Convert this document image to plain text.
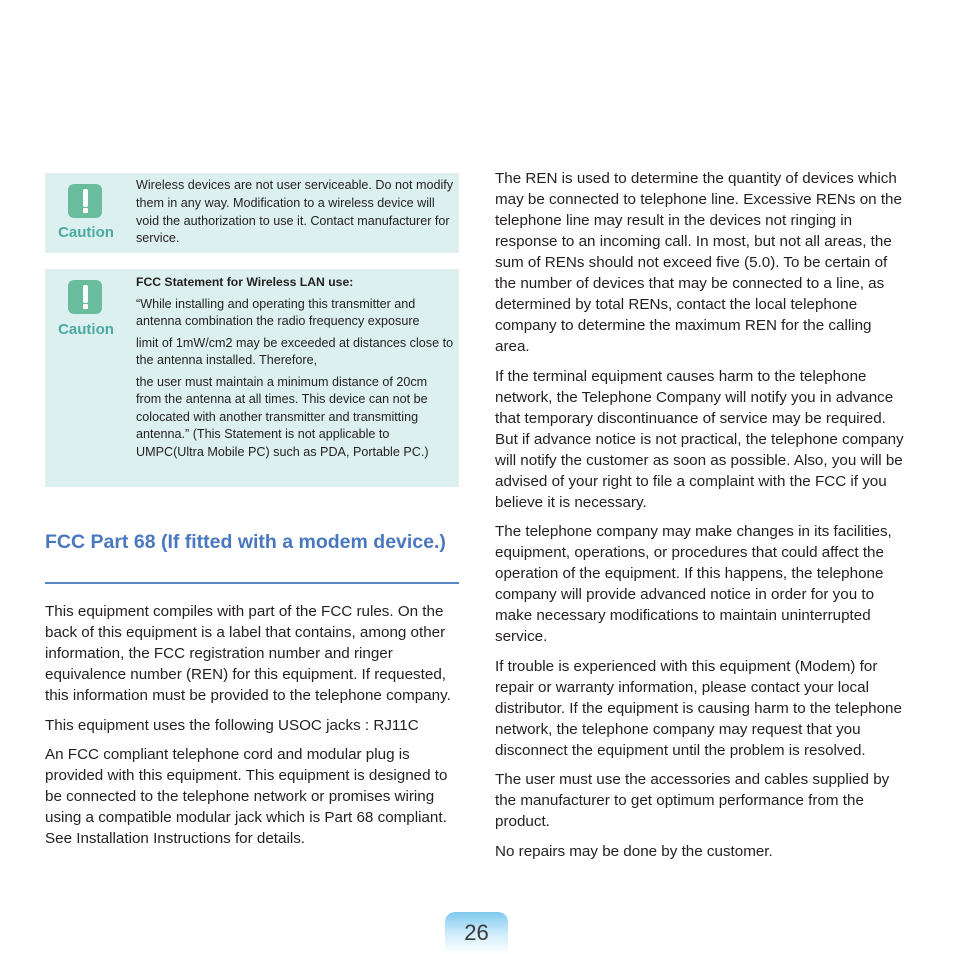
Caution

Wireless devices are not user serviceable. Do not modify them in any way. Modification to a wireless device will void the authorization to use it. Contact manufacturer for service.

Caution

FCC Statement for Wireless LAN use:

“While installing and operating this transmitter and antenna combination the radio frequency exposure

limit of 1mW/cm2 may be exceeded at distances close to the antenna installed. Therefore,

the user must maintain a minimum distance of 20cm from the antenna at all times. This device can not be colocated with another transmitter and transmitting antenna.” (This Statement is not applicable to UMPC(Ultra Mobile PC) such as PDA, Portable PC.)

FCC Part 68 (If fitted with a modem device.)

This equipment compiles with part of the FCC rules. On the back of this equipment is a label that contains, among other information, the FCC registration number and ringer equivalence number (REN) for this equipment. If requested, this information must be provided to the telephone company.

This equipment uses the following USOC jacks : RJ11C

An FCC compliant telephone cord and modular plug is provided with this equipment. This equipment is designed to be connected to the telephone network or promises wiring using a compatible modular jack which is Part 68 compliant. See Installation Instructions for details.

The REN is used to determine the quantity of devices which may be connected to telephone line. Excessive RENs on the telephone line may result in the devices not ringing in response to an incoming call. In most, but not all areas, the sum of RENs should not exceed five (5.0). To be certain of the number of devices that may be connected to a line, as determined by total RENs, contact the local telephone company to determine the maximum REN for the calling area.

If the terminal equipment causes harm to the telephone network, the Telephone Company will notify you in advance that temporary discontinuance of service may be required. But if advance notice is not practical, the telephone company will notify the customer as soon as possible. Also, you will be advised of your right to file a complaint with the FCC if you believe it is necessary.

The telephone company may make changes in its facilities, equipment, operations, or procedures that could affect the operation of the equipment. If this happens, the telephone company will provide advanced notice in order for you to make necessary modifications to maintain uninterrupted service.

If trouble is experienced with this equipment (Modem) for repair or warranty information, please contact your local distributor. If the equipment is causing harm to the telephone network, the telephone company may request that you disconnect the equipment until the problem is resolved.

The user must use the accessories and cables supplied by the manufacturer to get optimum performance from the product.

No repairs may be done by the customer.

26
